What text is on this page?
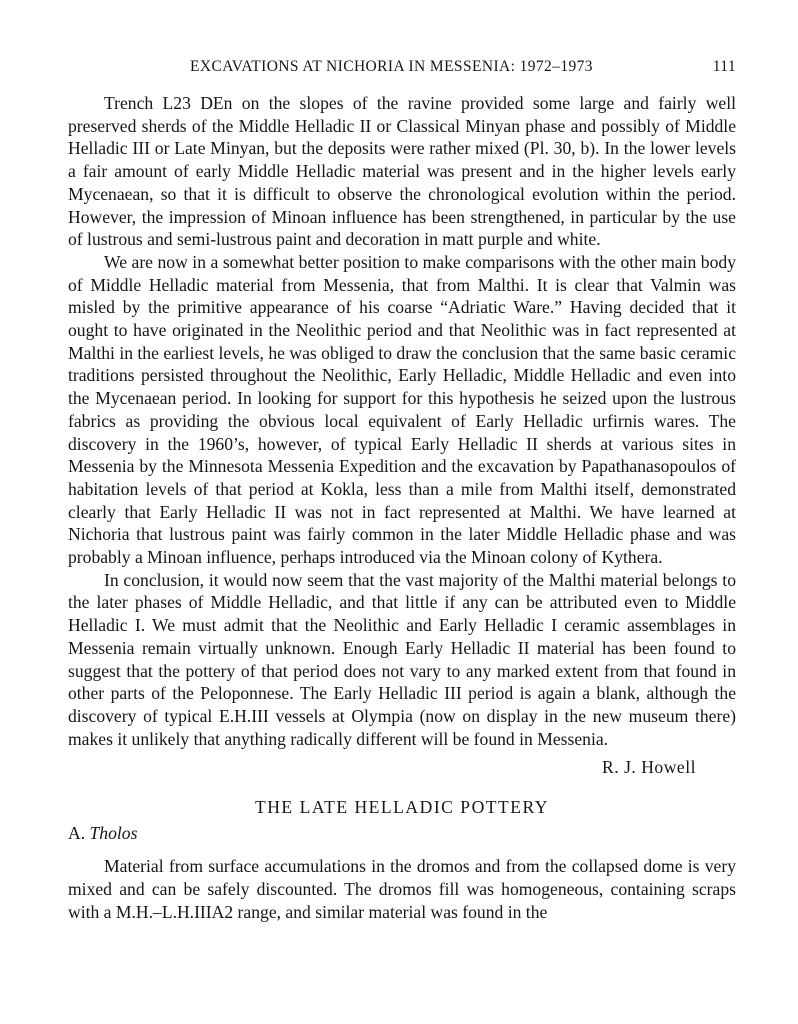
EXCAVATIONS AT NICHORIA IN MESSENIA: 1972–1973	111

Trench L23 DEn on the slopes of the ravine provided some large and fairly well preserved sherds of the Middle Helladic II or Classical Minyan phase and possibly of Middle Helladic III or Late Minyan, but the deposits were rather mixed (Pl. 30, b). In the lower levels a fair amount of early Middle Helladic material was present and in the higher levels early Mycenaean, so that it is difficult to observe the chronological evolution within the period. However, the impression of Minoan influence has been strengthened, in particular by the use of lustrous and semi-lustrous paint and decoration in matt purple and white.

We are now in a somewhat better position to make comparisons with the other main body of Middle Helladic material from Messenia, that from Malthi. It is clear that Valmin was misled by the primitive appearance of his coarse “Adriatic Ware.” Having decided that it ought to have originated in the Neolithic period and that Neolithic was in fact represented at Malthi in the earliest levels, he was obliged to draw the conclusion that the same basic ceramic traditions persisted throughout the Neolithic, Early Helladic, Middle Helladic and even into the Mycenaean period. In looking for support for this hypothesis he seized upon the lustrous fabrics as providing the obvious local equivalent of Early Helladic urfirnis wares. The discovery in the 1960’s, however, of typical Early Helladic II sherds at various sites in Messenia by the Minnesota Messenia Expedition and the excavation by Papathanasopoulos of habitation levels of that period at Kokla, less than a mile from Malthi itself, demonstrated clearly that Early Helladic II was not in fact represented at Malthi. We have learned at Nichoria that lustrous paint was fairly common in the later Middle Helladic phase and was probably a Minoan influence, perhaps introduced via the Minoan colony of Kythera.

In conclusion, it would now seem that the vast majority of the Malthi material belongs to the later phases of Middle Helladic, and that little if any can be attributed even to Middle Helladic I. We must admit that the Neolithic and Early Helladic I ceramic assemblages in Messenia remain virtually unknown. Enough Early Helladic II material has been found to suggest that the pottery of that period does not vary to any marked extent from that found in other parts of the Peloponnese. The Early Helladic III period is again a blank, although the discovery of typical E.H.III vessels at Olympia (now on display in the new museum there) makes it unlikely that anything radically different will be found in Messenia.

R. J. Howell
THE LATE HELLADIC POTTERY
A. Tholos

Material from surface accumulations in the dromos and from the collapsed dome is very mixed and can be safely discounted. The dromos fill was homogeneous, containing scraps with a M.H.–L.H.IIIA2 range, and similar material was found in the
